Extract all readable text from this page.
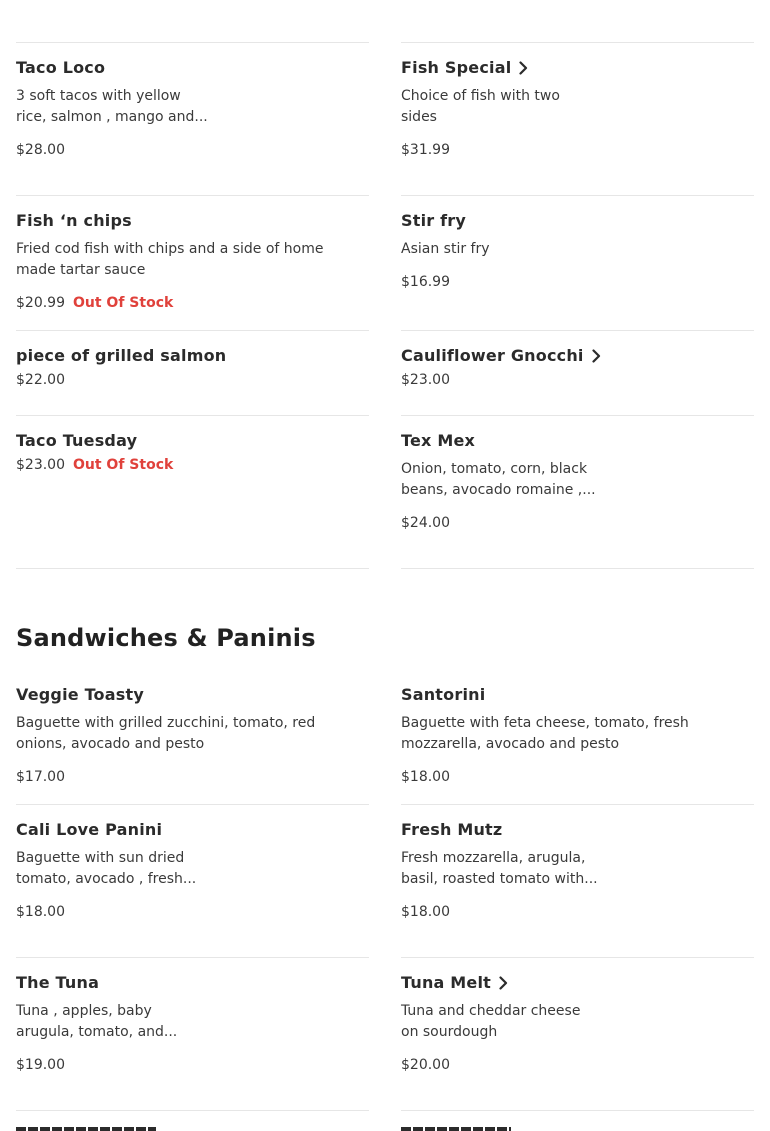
Taco Loco
3 soft tacos with yellow rice, salmon , mango and...
$28.00
Fish Special
Choice of fish with two sides
$31.99
Fish ‘n chips
Fried cod fish with chips and a side of home made tartar sauce
$20.99 Out Of Stock
Stir fry
Asian stir fry
$16.99
piece of grilled salmon
$22.00
Cauliflower Gnocchi
$23.00
Taco Tuesday
$23.00 Out Of Stock
Tex Mex
Onion, tomato, corn, black beans, avocado romaine ,...
$24.00
Sandwiches & Paninis
Veggie Toasty
Baguette with grilled zucchini, tomato, red onions, avocado and pesto
$17.00
Santorini
Baguette with feta cheese, tomato, fresh mozzarella, avocado and pesto
$18.00
Cali Love Panini
Baguette with sun dried tomato, avocado , fresh...
$18.00
Fresh Mutz
Fresh mozzarella, arugula, basil, roasted tomato with...
$18.00
The Tuna
Tuna , apples, baby arugula, tomato, and...
$19.00
Tuna Melt
Tuna and cheddar cheese on sourdough
$20.00
